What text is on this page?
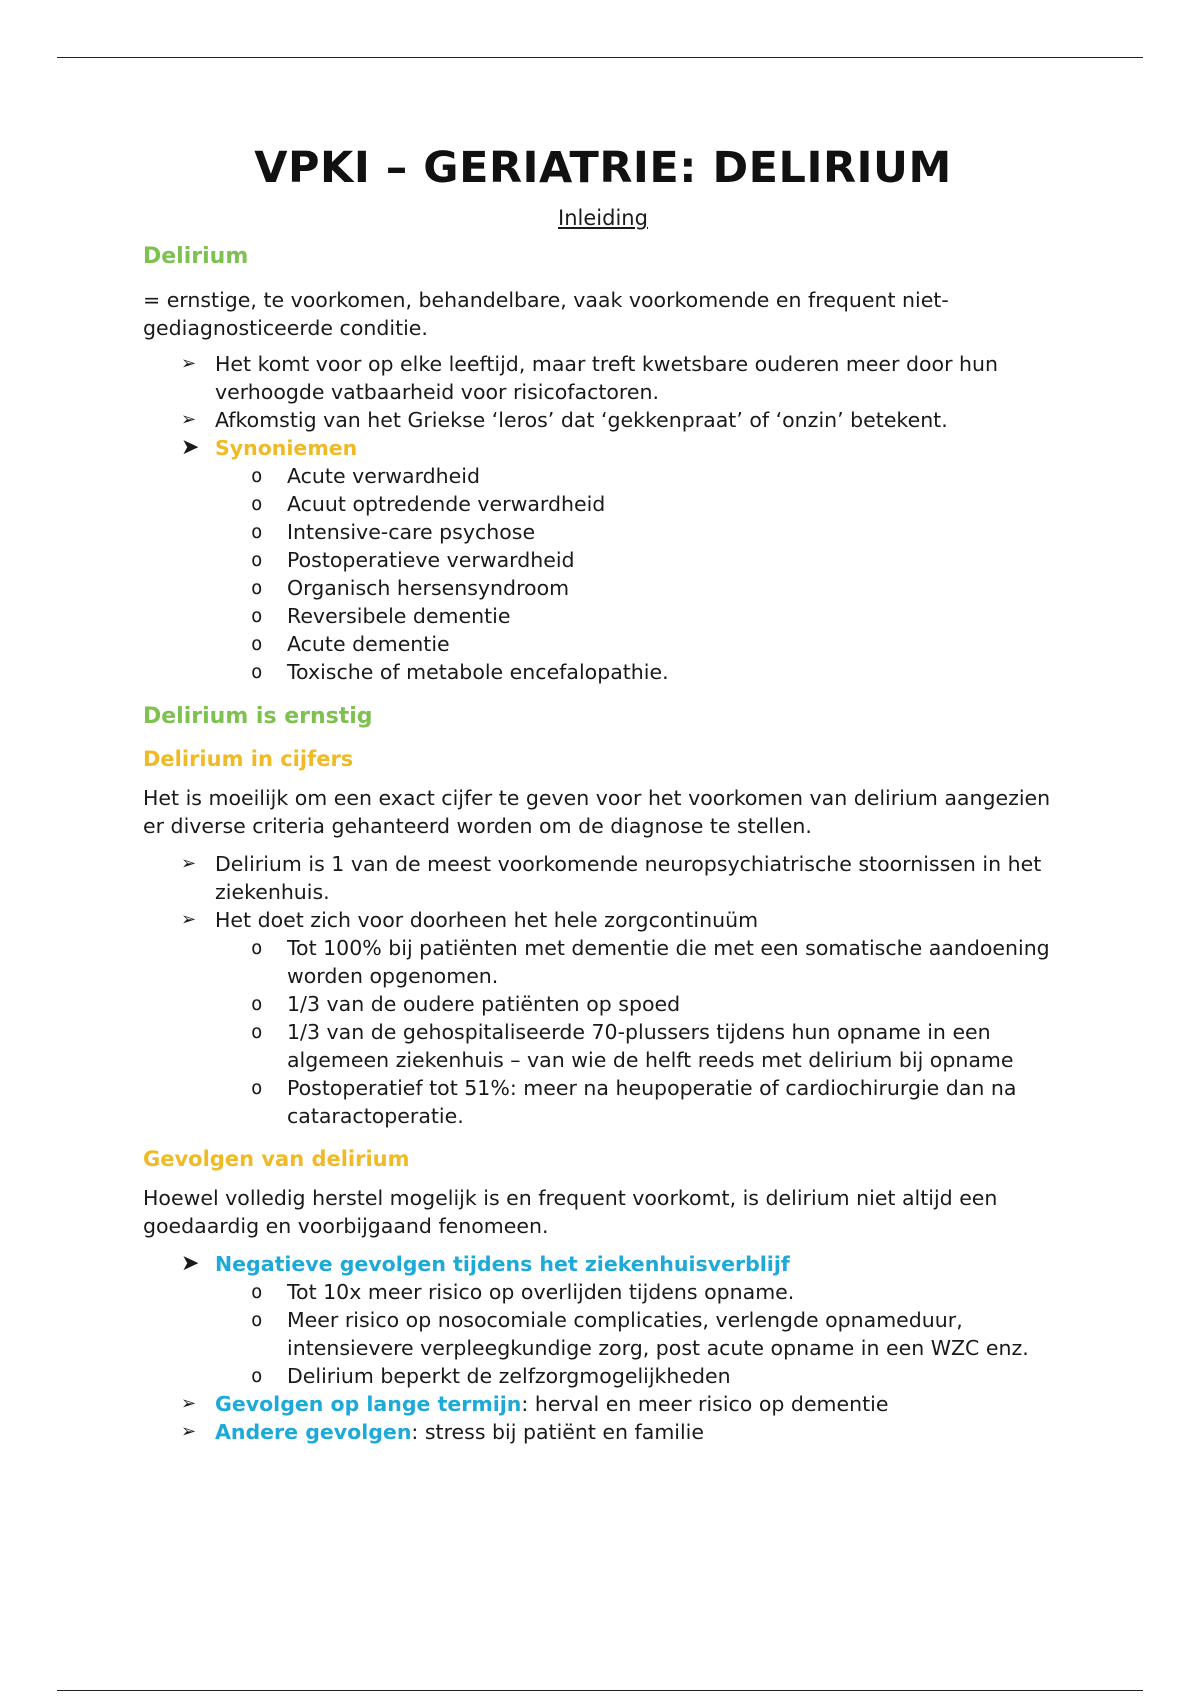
VPKI – GERIATRIE: DELIRIUM
Inleiding
Delirium

= ernstige, te voorkomen, behandelbare, vaak voorkomende en frequent niet-gediagnosticeerde conditie.

➢ Het komt voor op elke leeftijd, maar treft kwetsbare ouderen meer door hun verhoogde vatbaarheid voor risicofactoren.
➢ Afkomstig van het Griekse ‘leros’ dat ‘gekkenpraat’ of ‘onzin’ betekent.
➤ Synoniemen
o Acute verwardheid
o Acuut optredende verwardheid
o Intensive-care psychose
o Postoperatieve verwardheid
o Organisch hersensyndroom
o Reversibele dementie
o Acute dementie
o Toxische of metabole encefalopathie.
Delirium is ernstig
Delirium in cijfers

Het is moeilijk om een exact cijfer te geven voor het voorkomen van delirium aangezien er diverse criteria gehanteerd worden om de diagnose te stellen.

➢ Delirium is 1 van de meest voorkomende neuropsychiatrische stoornissen in het ziekenhuis.
➢ Het doet zich voor doorheen het hele zorgcontinuüm
o Tot 100% bij patiënten met dementie die met een somatische aandoening worden opgenomen.
o 1/3 van de oudere patiënten op spoed
o 1/3 van de gehospitaliseerde 70-plussers tijdens hun opname in een algemeen ziekenhuis – van wie de helft reeds met delirium bij opname
o Postoperatief tot 51%: meer na heupoperatie of cardiochirurgie dan na cataractoperatie.
Gevolgen van delirium

Hoewel volledig herstel mogelijk is en frequent voorkomt, is delirium niet altijd een goedaardig en voorbijgaand fenomeen.

➤ Negatieve gevolgen tijdens het ziekenhuisverblijf
o Tot 10x meer risico op overlijden tijdens opname.
o Meer risico op nosocomiale complicaties, verlengde opnameduur, intensievere verpleegkundige zorg, post acute opname in een WZC enz.
o Delirium beperkt de zelfzorgmogelijkheden
➢ Gevolgen op lange termijn: herval en meer risico op dementie
➢ Andere gevolgen: stress bij patiënt en familie
